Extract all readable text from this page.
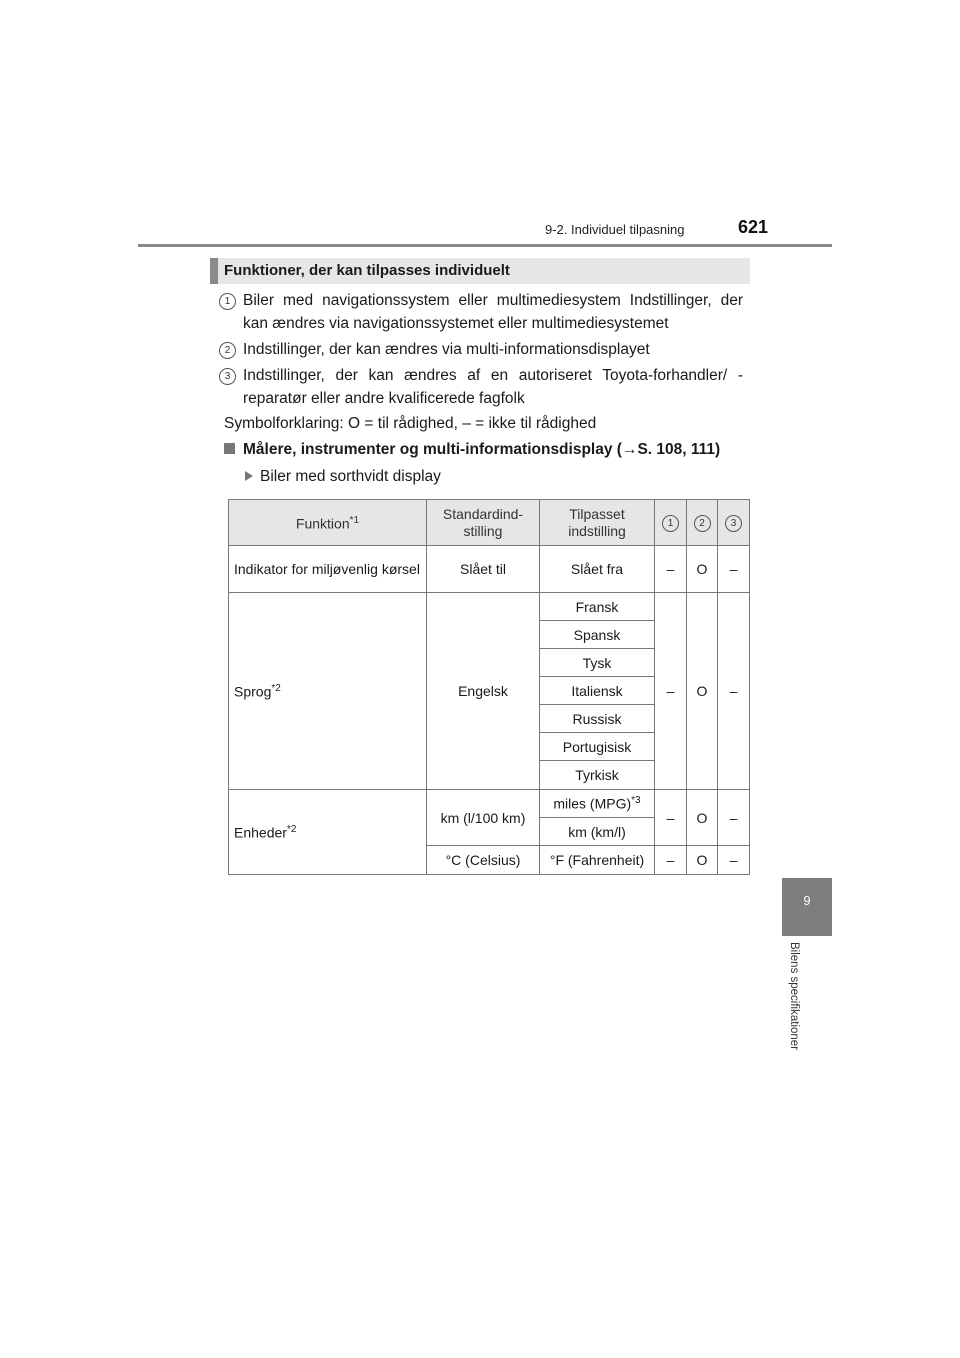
9-2. Individuel tilpasning	621
9
Bilens specifikationer
Funktioner, der kan tilpasses individuelt
1 Biler med navigationssystem eller multimediesystem Indstillinger, der kan ændres via navigationssystemet eller multimediesystemet
2 Indstillinger, der kan ændres via multi-informationsdisplayet
3 Indstillinger, der kan ændres af en autoriseret Toyota-forhandler/ -reparatør eller andre kvalificerede fagfolk
Symbolforklaring: O = til rådighed, – = ikke til rådighed
Målere, instrumenter og multi-informationsdisplay (→S. 108, 111)
Biler med sorthvidt display
Funktion$^{*1}$	Standardind- stilling	Tilpasset indstilling	1	2	3
Indikator for miljøvenlig kørsel	Slået til	Slået fra	–	O	–
Sprog$^{*2}$	Engelsk	Fransk	–	O	–
		Spansk			
		Tysk			
		Italiensk			
		Russisk			
		Portugisisk			
		Tyrkisk			
Enheder$^{*2}$	km (l/100 km)	miles (MPG)$^{*3}$	–	O	–
		km (km/l)			
	°C (Celsius)	°F (Fahrenheit)	–	O	–
